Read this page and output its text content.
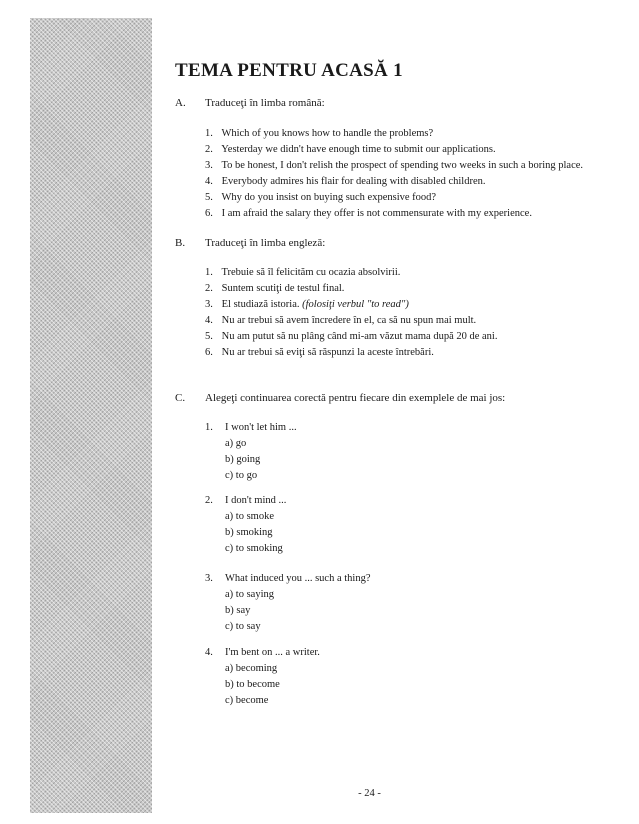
TEMA PENTRU ACASĂ 1
A. Traduceţi în limba română:
1. Which of you knows how to handle the problems?
2. Yesterday we didn't have enough time to submit our applications.
3. To be honest, I don't relish the prospect of spending two weeks in such a boring place.
4. Everybody admires his flair for dealing with disabled children.
5. Why do you insist on buying such expensive food?
6. I am afraid the salary they offer is not commensurate with my experience.
B. Traduceţi în limba engleză:
1. Trebuie să îl felicităm cu ocazia absolvirii.
2. Suntem scutiţi de testul final.
3. El studiază istoria. (folosiţi verbul "to read")
4. Nu ar trebui să avem încredere în el, ca să nu spun mai mult.
5. Nu am putut să nu plâng când mi-am văzut mama după 20 de ani.
6. Nu ar trebui să eviţi să răspunzi la aceste întrebări.
C. Alegeţi continuarea corectă pentru fiecare din exemplele de mai jos:
1. I won't let him ...
a) go
b) going
c) to go
2. I don't mind ...
a) to smoke
b) smoking
c) to smoking
3. What induced you ... such a thing?
a) to saying
b) say
c) to say
4. I'm bent on ... a writer.
a) becoming
b) to become
c) become
- 24 -
